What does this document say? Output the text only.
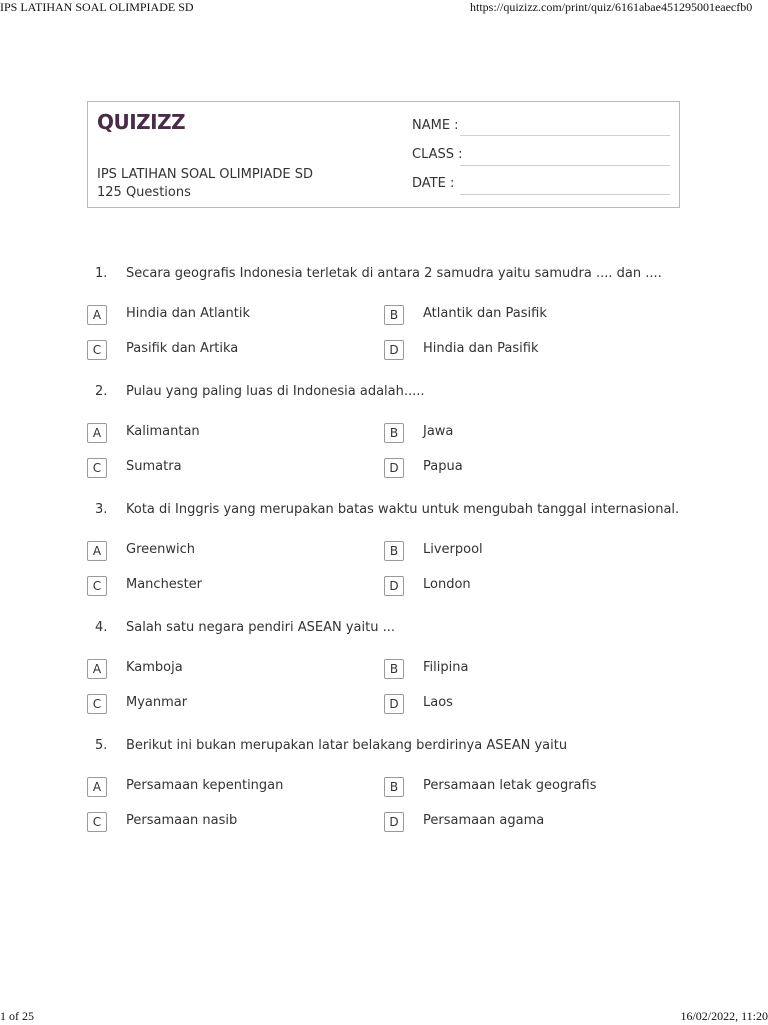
IPS LATIHAN SOAL OLIMPIADE SD	https://quizizz.com/print/quiz/6161abae451295001eaecfb0
QUIZIZZ
IPS LATIHAN SOAL OLIMPIADE SD
125 Questions
NAME :
CLASS :
DATE :
1. Secara geografis Indonesia terletak di antara 2 samudra yaitu samudra .... dan ....
A	Hindia dan Atlantik	B	Atlantik dan Pasifik
C	Pasifik dan Artika	D	Hindia dan Pasifik
2. Pulau yang paling luas di Indonesia adalah.....
A	Kalimantan	B	Jawa
C	Sumatra	D	Papua
3. Kota di Inggris yang merupakan batas waktu untuk mengubah tanggal internasional.
A	Greenwich	B	Liverpool
C	Manchester	D	London
4. Salah satu negara pendiri ASEAN yaitu ...
A	Kamboja	B	Filipina
C	Myanmar	D	Laos
5. Berikut ini bukan merupakan latar belakang berdirinya ASEAN yaitu
A	Persamaan kepentingan	B	Persamaan letak geografis
C	Persamaan nasib	D	Persamaan agama
1 of 25	16/02/2022, 11:20
